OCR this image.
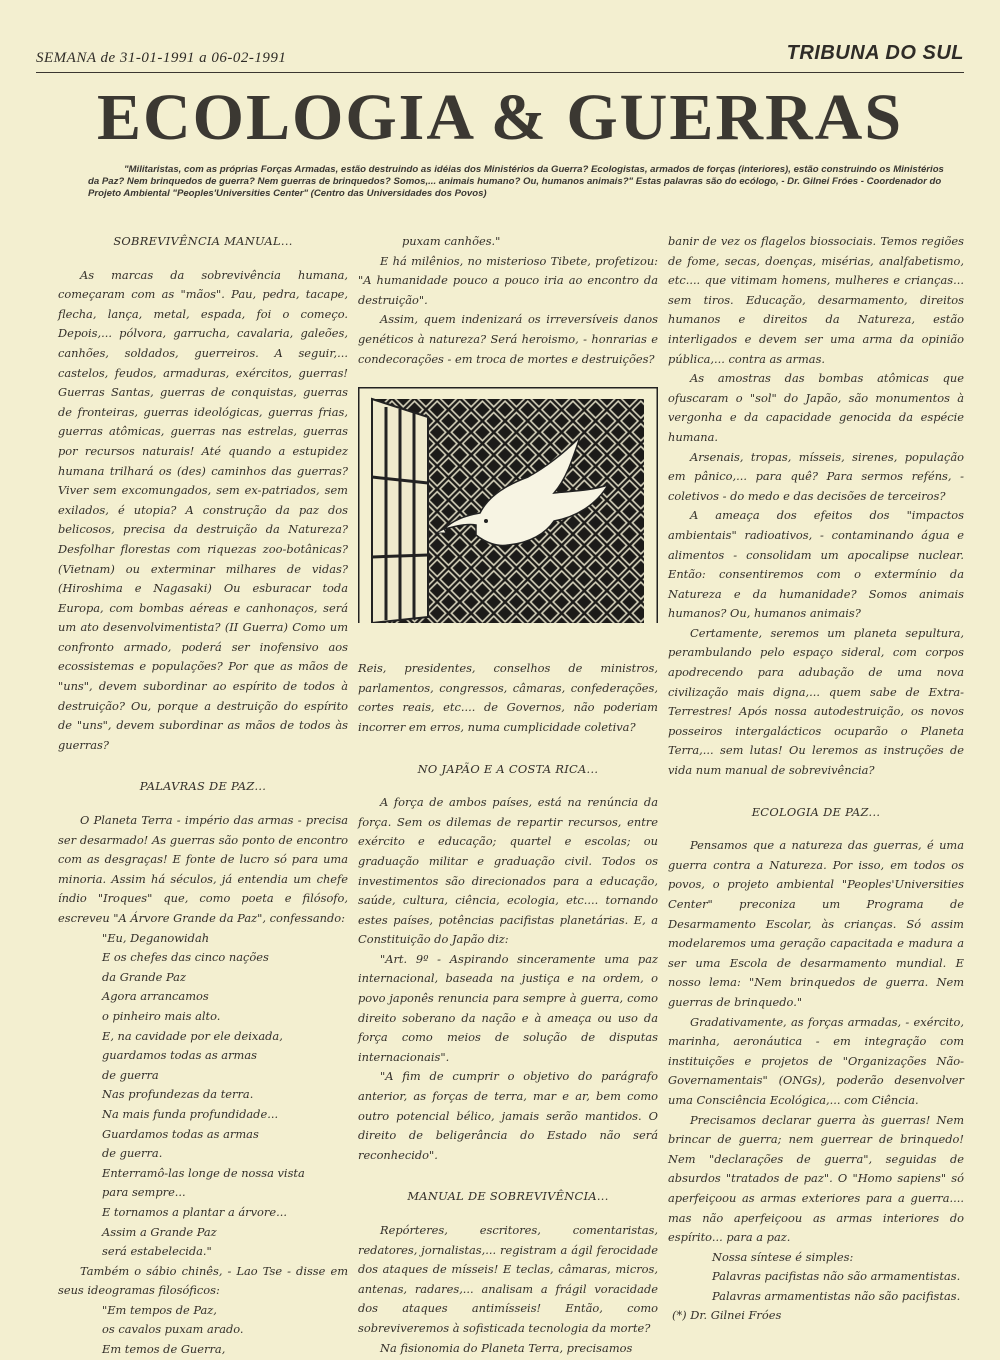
SEMANA de 31-01-1991 a 06-02-1991	TRIBUNA DO SUL
ECOLOGIA & GUERRAS
"Militaristas, com as próprias Forças Armadas, estão destruindo as idéias dos Ministérios da Guerra? Ecologistas, armados de forças (interiores), estão construindo os Ministérios da Paz? Nem brinquedos de guerra? Nem guerras de brinquedos? Somos,... animais humano? Ou, humanos animais?" Estas palavras são do ecólogo, - Dr. Gilnei Fróes - Coordenador do Projeto Ambiental "Peoples'Universities Center" (Centro das Universidades dos Povos)

SOBREVIVÊNCIA MANUAL...

As marcas da sobrevivência humana, começaram com as "mãos". Pau, pedra, tacape, flecha, lança, metal, espada, foi o começo. Depois,... pólvora, garrucha, cavalaria, galeões, canhões, soldados, guerreiros. A seguir,... castelos, feudos, armaduras, exércitos, guerras! Guerras Santas, guerras de conquistas, guerras de fronteiras, guerras ideológicas, guerras frias, guerras atômicas, guerras nas estrelas, guerras por recursos naturais! Até quando a estupidez humana trilhará os (des) caminhos das guerras? Viver sem excomungados, sem ex-patriados, sem exilados, é utopia? A construção da paz dos belicosos, precisa da destruição da Natureza? Desfolhar florestas com riquezas zoo-botânicas? (Vietnam) ou exterminar milhares de vidas? (Hiroshima e Nagasaki) Ou esburacar toda Europa, com bombas aéreas e canhonaços, será um ato desenvolvimentista? (II Guerra) Como um confronto armado, poderá ser inofensivo aos ecossistemas e populações? Por que as mãos de "uns", devem subordinar ao espírito de todos à destruição? Ou, porque a destruição do espírito de "uns", devem subordinar as mãos de todos às guerras?

PALAVRAS DE PAZ...

O Planeta Terra - império das armas - precisa ser desarmado! As guerras são ponto de encontro com as desgraças! E fonte de lucro só para uma minoria. Assim há séculos, já entendia um chefe índio "Iroques" que, como poeta e filósofo, escreveu "A Árvore Grande da Paz", confessando:

"Eu, Deganowidah

E os chefes das cinco nações

da Grande Paz

Agora arrancamos

o pinheiro mais alto.

E, na cavidade por ele deixada,

guardamos todas as armas

de guerra

Nas profundezas da terra.

Na mais funda profundidade...

Guardamos todas as armas

de guerra.

Enterramô-las longe de nossa vista

para sempre...

E tornamos a plantar a árvore...

Assim a Grande Paz

será estabelecida."

Também o sábio chinês, - Lao Tse - disse em seus ideogramas filosóficos:

"Em tempos de Paz,

os cavalos puxam arado.

Em temos de Guerra,

puxam canhões."

E há milênios, no misterioso Tibete, profetizou: "A humanidade pouco a pouco iria ao encontro da destruição".

Assim, quem indenizará os irreversíveis danos genéticos à natureza? Será heroismo, - honrarias e condecorações - em troca de mortes e destruições?

Reis, presidentes, conselhos de ministros, parlamentos, congressos, câmaras, confederações, cortes reais, etc.... de Governos, não poderiam incorrer em erros, numa cumplicidade coletiva?

NO JAPÃO E A COSTA RICA...

A força de ambos países, está na renúncia da força. Sem os dilemas de repartir recursos, entre exército e educação; quartel e escolas; ou graduação militar e graduação civil. Todos os investimentos são direcionados para a educação, saúde, cultura, ciência, ecologia, etc.... tornando estes países, potências pacifistas planetárias. E, a Constituição do Japão diz:

"Art. 9º - Aspirando sinceramente uma paz internacional, baseada na justiça e na ordem, o povo japonês renuncia para sempre à guerra, como direito soberano da nação e à ameaça ou uso da força como meios de solução de disputas internacionais".

"A fim de cumprir o objetivo do parágrafo anterior, as forças de terra, mar e ar, bem como outro potencial bélico, jamais serão mantidos. O direito de beligerância do Estado não será reconhecido".

MANUAL DE SOBREVIVÊNCIA...

Repórteres, escritores, comentaristas, redatores, jornalistas,... registram a ágil ferocidade dos ataques de mísseis! E teclas, câmaras, micros, antenas, radares,... analisam a frágil voracidade dos ataques antimísseis! Então, como sobreviveremos à sofisticada tecnologia da morte?

Na fisionomia do Planeta Terra, precisamos

banir de vez os flagelos biossociais. Temos regiões de fome, secas, doenças, misérias, analfabetismo, etc.... que vitimam homens, mulheres e crianças... sem tiros. Educação, desarmamento, direitos humanos e direitos da Natureza, estão interligados e devem ser uma arma da opinião pública,... contra as armas.

As amostras das bombas atômicas que ofuscaram o "sol" do Japão, são monumentos à vergonha e da capacidade genocida da espécie humana.

Arsenais, tropas, mísseis, sirenes, população em pânico,... para quê? Para sermos reféns, - coletivos - do medo e das decisões de terceiros?

A ameaça dos efeitos dos "impactos ambientais" radioativos, - contaminando água e alimentos - consolidam um apocalipse nuclear. Então: consentiremos com o extermínio da Natureza e da humanidade? Somos animais humanos? Ou, humanos animais?

Certamente, seremos um planeta sepultura, perambulando pelo espaço sideral, com corpos apodrecendo para adubação de uma nova civilização mais digna,... quem sabe de Extra-Terrestres! Após nossa autodestruição, os novos posseiros intergalácticos ocuparão o Planeta Terra,... sem lutas! Ou leremos as instruções de vida num manual de sobrevivência?

ECOLOGIA DE PAZ...

Pensamos que a natureza das guerras, é uma guerra contra a Natureza. Por isso, em todos os povos, o projeto ambiental "Peoples'Universities Center" preconiza um Programa de Desarmamento Escolar, às crianças. Só assim modelaremos uma geração capacitada e madura a ser uma Escola de desarmamento mundial. E nosso lema: "Nem brinquedos de guerra. Nem guerras de brinquedo."

Gradativamente, as forças armadas, - exército, marinha, aeronáutica - em integração com instituições e projetos de "Organizações Não-Governamentais" (ONGs), poderão desenvolver uma Consciência Ecológica,... com Ciência.

Precisamos declarar guerra às guerras! Nem brincar de guerra; nem guerrear de brinquedo! Nem "declarações de guerra", seguidas de absurdos "tratados de paz". O "Homo sapiens" só aperfeiçoou as armas exteriores para a guerra.... mas não aperfeiçoou as armas interiores do espírito... para a paz.

Nossa síntese é simples:

Palavras pacifistas não são armamentistas.

Palavras armamentistas não são pacifistas.

(*) Dr. Gilnei Fróes
